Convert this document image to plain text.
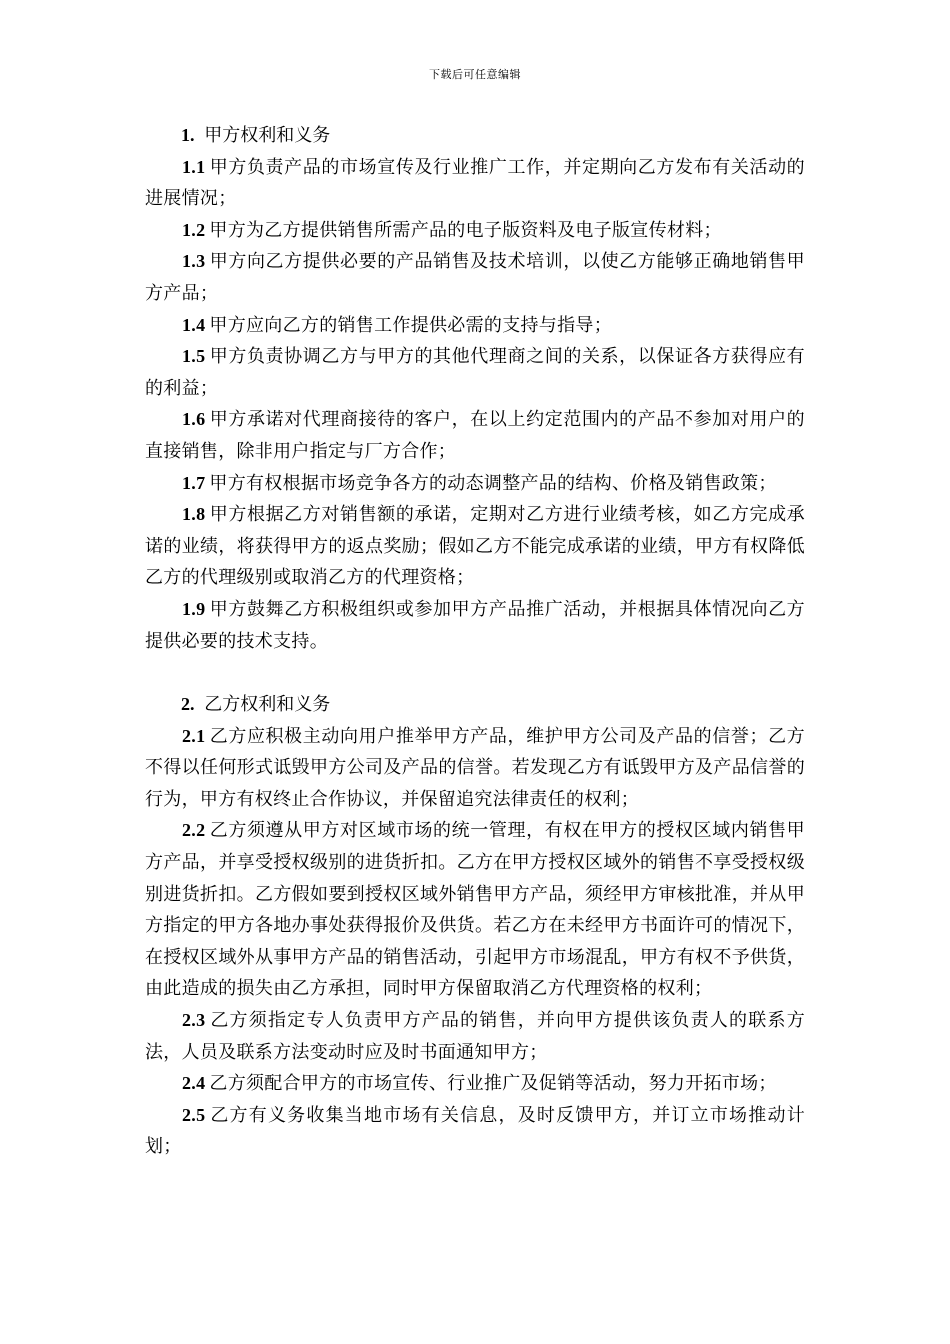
下载后可任意编辑

1. 甲方权利和义务

1.1 甲方负责产品的市场宣传及行业推广工作，并定期向乙方发布有关活动的进展情况；

1.2 甲方为乙方提供销售所需产品的电子版资料及电子版宣传材料；

1.3 甲方向乙方提供必要的产品销售及技术培训，以使乙方能够正确地销售甲方产品；

1.4 甲方应向乙方的销售工作提供必需的支持与指导；

1.5 甲方负责协调乙方与甲方的其他代理商之间的关系，以保证各方获得应有的利益；

1.6 甲方承诺对代理商接待的客户，在以上约定范围内的产品不参加对用户的直接销售，除非用户指定与厂方合作；

1.7 甲方有权根据市场竞争各方的动态调整产品的结构、价格及销售政策；

1.8 甲方根据乙方对销售额的承诺，定期对乙方进行业绩考核，如乙方完成承诺的业绩，将获得甲方的返点奖励；假如乙方不能完成承诺的业绩，甲方有权降低乙方的代理级别或取消乙方的代理资格；

1.9 甲方鼓舞乙方积极组织或参加甲方产品推广活动，并根据具体情况向乙方提供必要的技术支持。

2. 乙方权利和义务

2.1 乙方应积极主动向用户推举甲方产品，维护甲方公司及产品的信誉；乙方不得以任何形式诋毁甲方公司及产品的信誉。若发现乙方有诋毁甲方及产品信誉的行为，甲方有权终止合作协议，并保留追究法律责任的权利；

2.2 乙方须遵从甲方对区域市场的统一管理，有权在甲方的授权区域内销售甲方产品，并享受授权级别的进货折扣。乙方在甲方授权区域外的销售不享受授权级别进货折扣。乙方假如要到授权区域外销售甲方产品，须经甲方审核批准，并从甲方指定的甲方各地办事处获得报价及供货。若乙方在未经甲方书面许可的情况下，在授权区域外从事甲方产品的销售活动，引起甲方市场混乱，甲方有权不予供货，由此造成的损失由乙方承担，同时甲方保留取消乙方代理资格的权利；

2.3 乙方须指定专人负责甲方产品的销售，并向甲方提供该负责人的联系方法，人员及联系方法变动时应及时书面通知甲方；

2.4 乙方须配合甲方的市场宣传、行业推广及促销等活动，努力开拓市场；

2.5 乙方有义务收集当地市场有关信息，及时反馈甲方，并订立市场推动计划；
